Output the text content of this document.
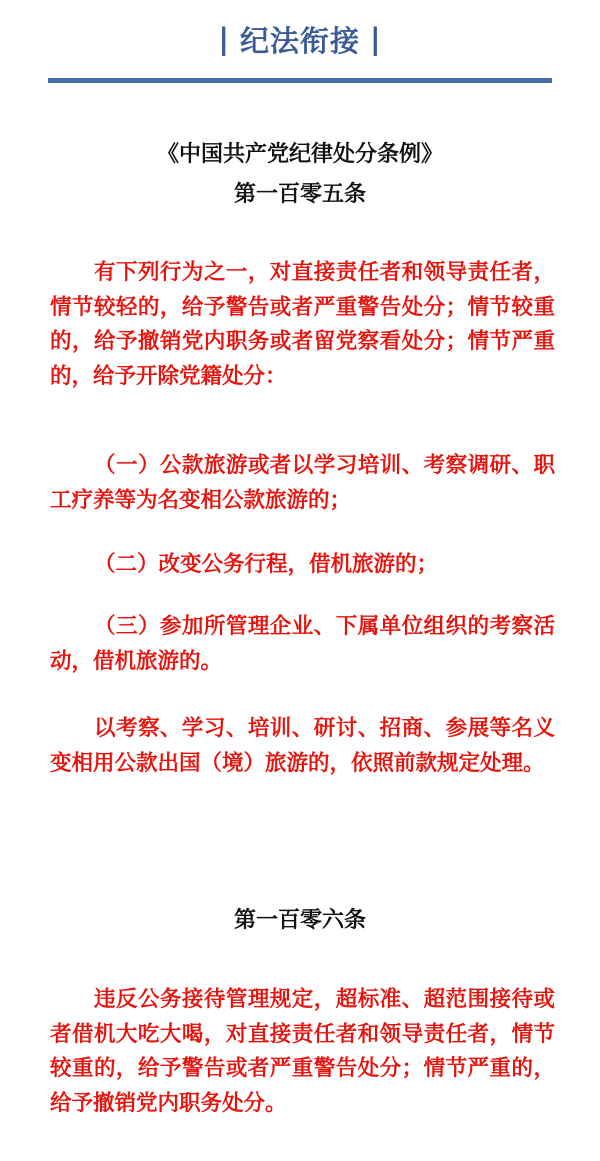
| 纪法衔接 |
《中国共产党纪律处分条例》
第一百零五条
有下列行为之一，对直接责任者和领导责任者，情节较轻的，给予警告或者严重警告处分；情节较重的，给予撤销党内职务或者留党察看处分；情节严重的，给予开除党籍处分：
（一）公款旅游或者以学习培训、考察调研、职工疗养等为名变相公款旅游的；
（二）改变公务行程，借机旅游的；
（三）参加所管理企业、下属单位组织的考察活动，借机旅游的。
以考察、学习、培训、研讨、招商、参展等名义变相用公款出国（境）旅游的，依照前款规定处理。
第一百零六条
违反公务接待管理规定，超标准、超范围接待或者借机大吃大喝，对直接责任者和领导责任者，情节较重的，给予警告或者严重警告处分；情节严重的，给予撤销党内职务处分。
